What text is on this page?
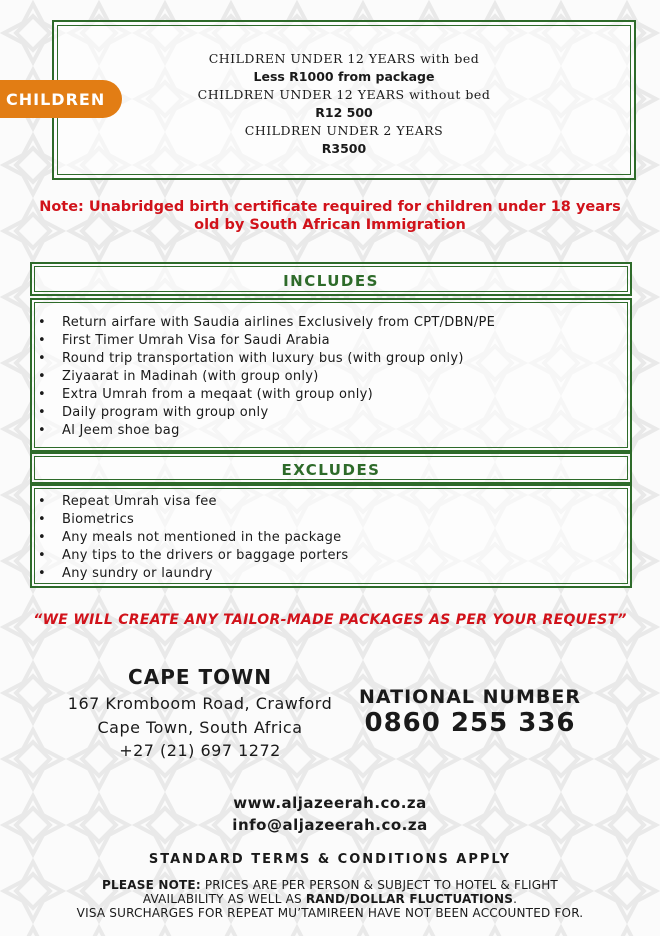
CHILDREN UNDER 12 YEARS with bed
Less R1000 from package
CHILDREN UNDER 12 YEARS without bed
R12 500
CHILDREN UNDER 2 YEARS
R3500
CHILDREN
Note: Unabridged birth certificate required for children under 18 years
old by South African Immigration
INCLUDES
• Return airfare with Saudia airlines Exclusively from CPT/DBN/PE
• First Timer Umrah Visa for Saudi Arabia
• Round trip transportation with luxury bus (with group only)
• Ziyaarat in Madinah (with group only)
• Extra Umrah from a meqaat (with group only)
• Daily program with group only
• Al Jeem shoe bag
EXCLUDES
• Repeat Umrah visa fee
• Biometrics
• Any meals not mentioned in the package
• Any tips to the drivers or baggage porters
• Any sundry or laundry
“WE WILL CREATE ANY TAILOR-MADE PACKAGES AS PER YOUR REQUEST”
CAPE TOWN
167 Kromboom Road, Crawford
Cape Town, South Africa
+27 (21) 697 1272
NATIONAL NUMBER
0860 255 336
www.aljazeerah.co.za
info@aljazeerah.co.za
STANDARD TERMS & CONDITIONS APPLY
PLEASE NOTE: PRICES ARE PER PERSON & SUBJECT TO HOTEL & FLIGHT
AVAILABILITY AS WELL AS RAND/DOLLAR FLUCTUATIONS.
VISA SURCHARGES FOR REPEAT MU’TAMIREEN HAVE NOT BEEN ACCOUNTED FOR.
